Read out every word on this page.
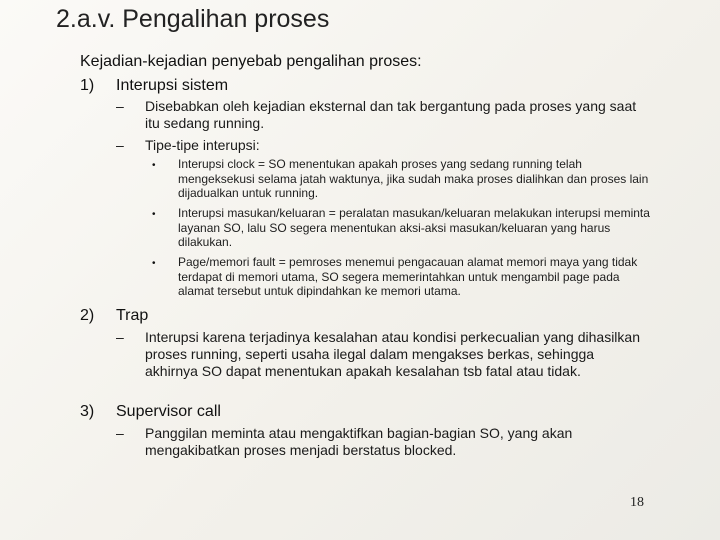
2.a.v. Pengalihan proses
Kejadian-kejadian penyebab pengalihan proses:
1) Interupsi sistem
–	Disebabkan oleh kejadian eksternal dan tak bergantung pada proses yang saat itu sedang running.
–	Tipe-tipe interupsi:
• Interupsi clock = SO menentukan apakah proses yang sedang running telah mengeksekusi selama jatah waktunya, jika sudah maka proses dialihkan dan proses lain dijadualkan untuk running.
• Interupsi masukan/keluaran = peralatan masukan/keluaran melakukan interupsi meminta layanan SO, lalu SO segera menentukan aksi-aksi masukan/keluaran yang harus dilakukan.
• Page/memori fault = pemroses menemui pengacauan alamat memori maya yang tidak terdapat di memori utama, SO segera memerintahkan untuk mengambil page pada alamat tersebut untuk dipindahkan ke memori utama.
2) Trap
–	Interupsi karena terjadinya kesalahan atau kondisi perkecualian yang dihasilkan proses running, seperti usaha ilegal dalam mengakses berkas, sehingga akhirnya SO dapat menentukan apakah kesalahan tsb fatal atau tidak.
3) Supervisor call
–	Panggilan meminta atau mengaktifkan bagian-bagian SO, yang akan mengakibatkan proses menjadi berstatus blocked.
18
